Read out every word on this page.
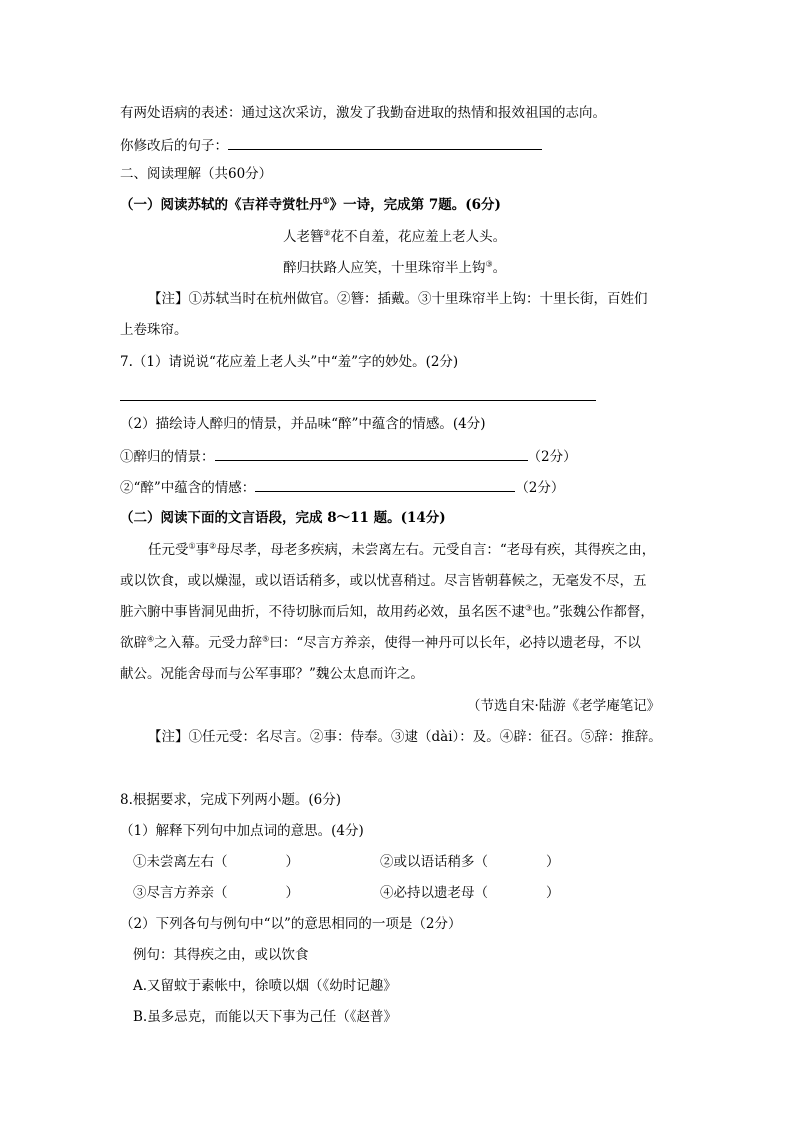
有两处语病的表述：通过这次采访，激发了我勤奋进取的热情和报效祖国的志向。
你修改后的句子：
二、阅读理解（共60分）
（一）阅读苏轼的《吉祥寺赏牡丹①》一诗，完成第 7题。(6分)
人老簪②花不自羞，花应羞上老人头。
醉归扶路人应笑，十里珠帘半上钩③。
【注】①苏轼当时在杭州做官。②簪：插戴。③十里珠帘半上钩：十里长街，百姓们
上卷珠帘。
7.（1）请说说“花应羞上老人头”中“羞”字的妙处。(2分)
（2）描绘诗人醉归的情景，并品味“醉”中蕴含的情感。(4分)
①醉归的情景：	（2分）
②“醉”中蕴含的情感：	（2分）
（二）阅读下面的文言语段，完成 8～11 题。(14分)
任元受①事②母尽孝，母老多疾病，未尝离左右。元受自言：“老母有疾，其得疾之由，
或以饮食，或以燥湿，或以语话稍多，或以忧喜稍过。尽言皆朝暮候之，无毫发不尽，五
脏六腑中事皆洞见曲折，不待切脉而后知，故用药必效，虽名医不逮③也。”张魏公作都督，
欲辟④之入幕。元受力辞⑤曰：“尽言方养亲，使得一神丹可以长年，必持以遗老母，不以
献公。况能舍母而与公军事耶？”魏公太息而许之。
（节选自宋·陆游《老学庵笔记》
【注】①任元受：名尽言。②事：侍奉。③逮（dài）：及。④辟：征召。⑤辞：推辞。
8.根据要求，完成下列两小题。(6分)
（1）解释下列句中加点词的意思。(4分)
①未尝离左右（	）	②或以语话稍多（	）
③尽言方养亲（	）	④必持以遗老母（	）
（2）下列各句与例句中“以”的意思相同的一项是（2分）
例句：其得疾之由，或以饮食
A.又留蚊于素帐中，徐喷以烟（《幼时记趣》
B.虽多忌克，而能以天下事为己任（《赵普》
